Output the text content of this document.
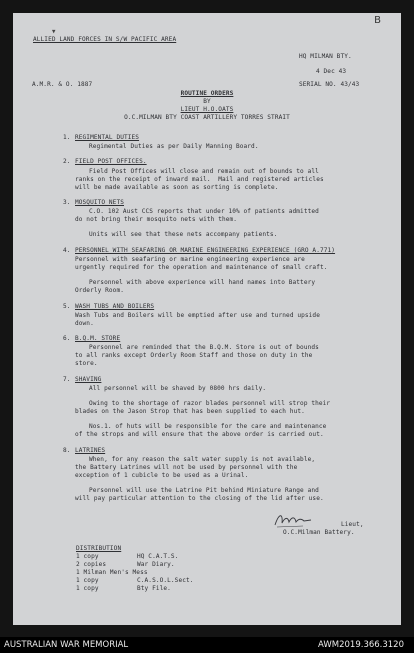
B
▾
ALLIED LAND FORCES IN S/W PACIFIC AREA
HQ MILMAN BTY.
4 Dec 43
A.M.R. & O. 1887	SERIAL NO. 43/43
ROUTINE ORDERS
BY
LIEUT H.O.OATS
O.C.MILMAN BTY COAST ARTILLERY TORRES STRAIT
1. REGIMENTAL DUTIES
Regimental Duties as per Daily Manning Board.
2. FIELD POST OFFICES.
Field Post Offices will close and remain out of bounds to all
ranks on the receipt of inward mail.  Mail and registered articles
will be made available as soon as sorting is complete.
3. MOSQUITO NETS
C.O. 102 Aust CCS reports that under 10% of patients admitted
do not bring their mosquito nets with them.
Units will see that these nets accompany patients.
4. PERSONNEL WITH SEAFARING OR MARINE ENGINEERING EXPERIENCE (GRO A.771)
Personnel with seafaring or marine engineering experience are
urgently required for the operation and maintenance of small craft.
Personnel with above experience will hand names into Battery
Orderly Room.
5. WASH TUBS AND BOILERS
Wash Tubs and Boilers will be emptied after use and turned upside
down.
6. B.Q.M. STORE
Personnel are reminded that the B.Q.M. Store is out of bounds
to all ranks except Orderly Room Staff and those on duty in the
store.
7. SHAVING
All personnel will be shaved by 0800 hrs daily.
Owing to the shortage of razor blades personnel will strop their
blades on the Jason Strop that has been supplied to each hut.
Nos.1. of huts will be responsible for the care and maintenance
of the strops and will ensure that the above order is carried out.
8. LATRINES
When, for any reason the salt water supply is not available,
the Battery Latrines will not be used by personnel with the
exception of 1 cubicle to be used as a Urinal.
Personnel will use the Latrine Pit behind Miniature Range and
will pay particular attention to the closing of the lid after use.
Lieut,
O.C.Milman Battery.
DISTRIBUTION
1 copy	HQ C.A.T.S.
2 copies	War Diary.
1 Milman Men's Mess
1 copy	C.A.S.O.L.Sect.
1 copy	Bty File.
AUSTRALIAN WAR MEMORIAL	AWM2019.366.3120
